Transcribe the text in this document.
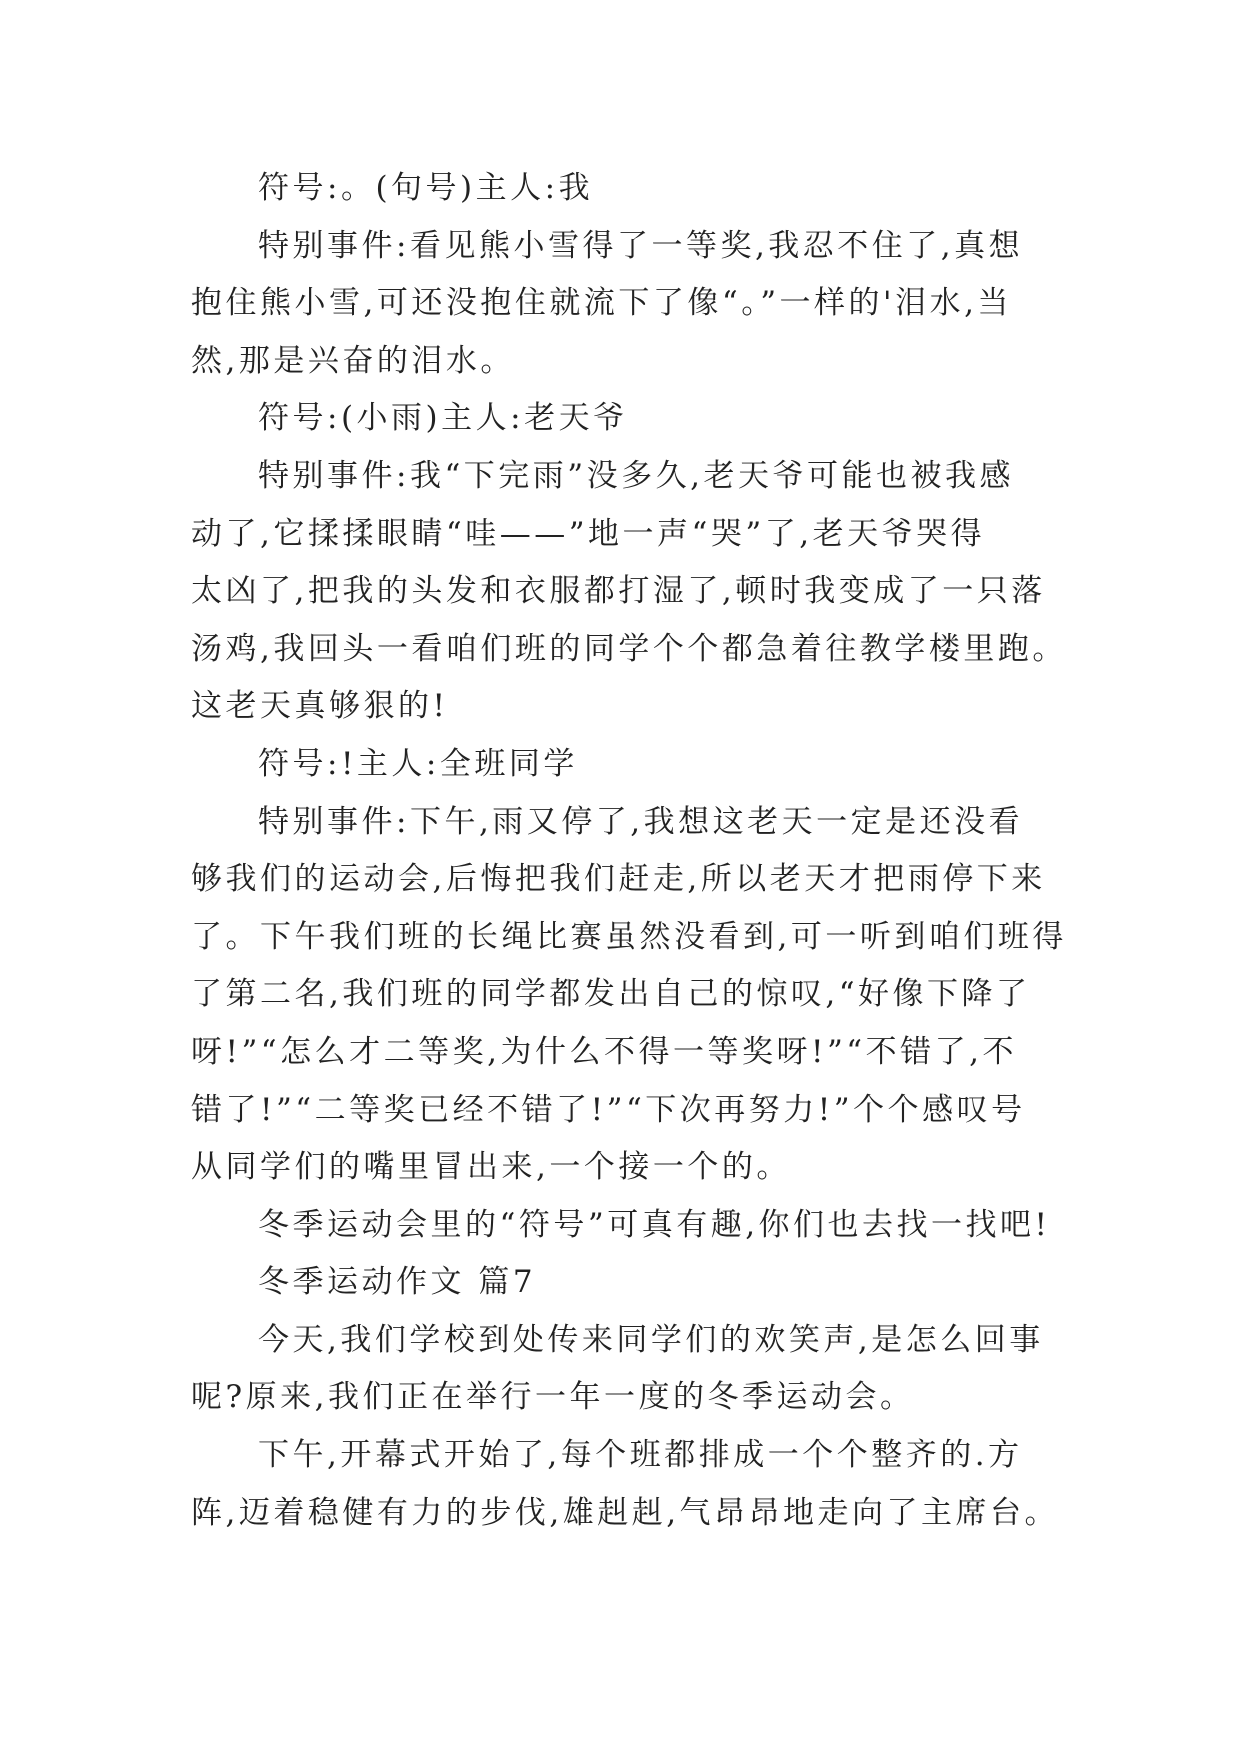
符号:。(句号)主人:我
特别事件:看见熊小雪得了一等奖,我忍不住了,真想
抱住熊小雪,可还没抱住就流下了像“。”一样的'泪水,当
然,那是兴奋的泪水。
符号:(小雨)主人:老天爷
特别事件:我“下完雨”没多久,老天爷可能也被我感
动了,它揉揉眼睛“哇——”地一声“哭”了,老天爷哭得
太凶了,把我的头发和衣服都打湿了,顿时我变成了一只落
汤鸡,我回头一看咱们班的同学个个都急着往教学楼里跑。
这老天真够狠的!
符号:!主人:全班同学
特别事件:下午,雨又停了,我想这老天一定是还没看
够我们的运动会,后悔把我们赶走,所以老天才把雨停下来
了。下午我们班的长绳比赛虽然没看到,可一听到咱们班得
了第二名,我们班的同学都发出自己的惊叹,“好像下降了
呀!”“怎么才二等奖,为什么不得一等奖呀!”“不错了,不
错了!”“二等奖已经不错了!”“下次再努力!”个个感叹号
从同学们的嘴里冒出来,一个接一个的。
冬季运动会里的“符号”可真有趣,你们也去找一找吧!
冬季运动作文 篇7
今天,我们学校到处传来同学们的欢笑声,是怎么回事
呢?原来,我们正在举行一年一度的冬季运动会。
下午,开幕式开始了,每个班都排成一个个整齐的.方
阵,迈着稳健有力的步伐,雄赳赳,气昂昂地走向了主席台。
